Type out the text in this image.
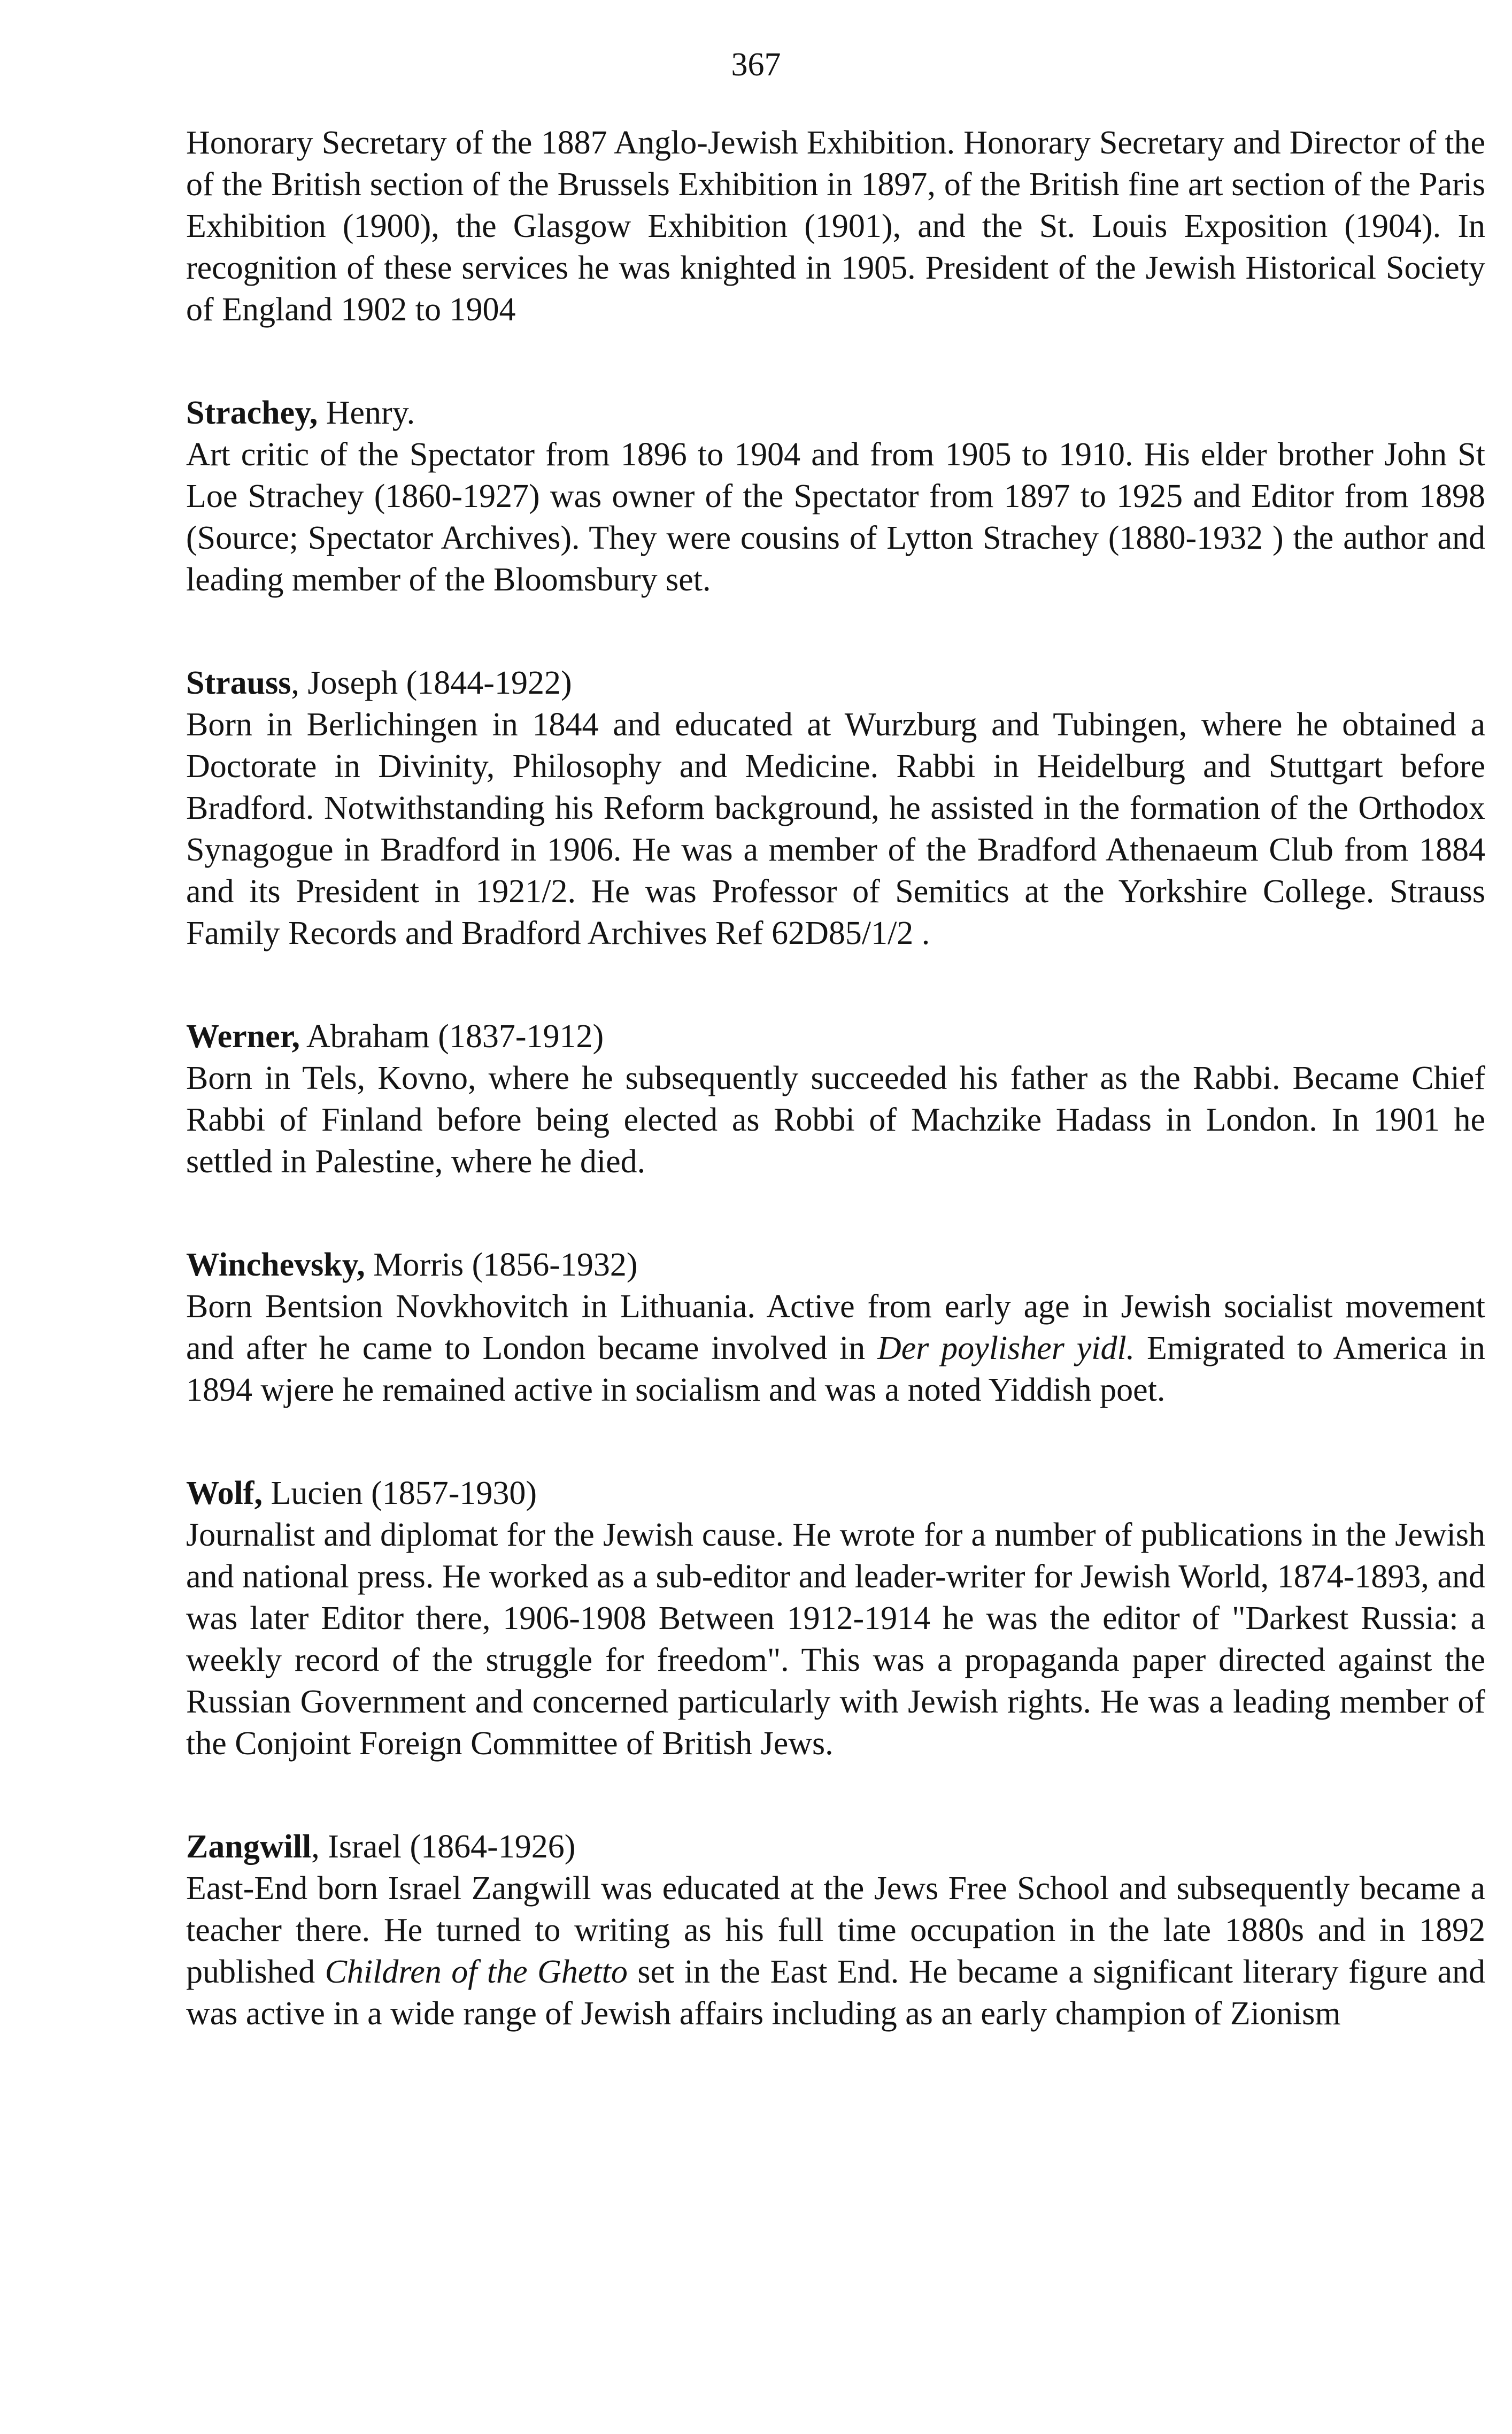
367

Honorary Secretary of the 1887 Anglo-Jewish Exhibition. Honorary Secretary and Director of the of the British section of the Brussels Exhibition in 1897, of the British fine art section of the Paris Exhibition (1900), the Glasgow Exhibition (1901), and the St. Louis Exposition (1904). In recognition of these services he was knighted in 1905. President of the Jewish Historical Society of England 1902 to 1904

Strachey, Henry.

Art critic of the Spectator from 1896 to 1904 and from 1905 to 1910. His elder brother John St Loe Strachey (1860-1927) was owner of the Spectator from 1897 to 1925 and Editor from 1898 (Source; Spectator Archives). They were cousins of Lytton Strachey (1880-1932 ) the author and leading member of the Bloomsbury set.

Strauss, Joseph (1844-1922)

Born in Berlichingen in 1844 and educated at Wurzburg and Tubingen, where he obtained a Doctorate in Divinity, Philosophy and Medicine. Rabbi in Heidelburg and Stuttgart before Bradford. Notwithstanding his Reform background, he assisted in the formation of the Orthodox Synagogue in Bradford in 1906. He was a member of the Bradford Athenaeum Club from 1884 and its President in 1921/2. He was Professor of Semitics at the Yorkshire College. Strauss Family Records and Bradford Archives Ref 62D85/1/2 .

Werner, Abraham (1837-1912)

Born in Tels, Kovno, where he subsequently succeeded his father as the Rabbi. Became Chief Rabbi of Finland before being elected as Robbi of Machzike Hadass in London. In 1901 he settled in Palestine, where he died.

Winchevsky, Morris (1856-1932)

Born Bentsion Novkhovitch in Lithuania. Active from early age in Jewish socialist movement and after he came to London became involved in Der poylisher yidl. Emigrated to America in 1894 wjere he remained active in socialism and was a noted Yiddish poet.

Wolf, Lucien (1857-1930)

Journalist and diplomat for the Jewish cause. He wrote for a number of publications in the Jewish and national press. He worked as a sub-editor and leader-writer for Jewish World, 1874-1893, and was later Editor there, 1906-1908 Between 1912-1914 he was the editor of "Darkest Russia: a weekly record of the struggle for freedom". This was a propaganda paper directed against the Russian Government and concerned particularly with Jewish rights. He was a leading member of the Conjoint Foreign Committee of British Jews.

Zangwill, Israel (1864-1926)

East-End born Israel Zangwill was educated at the Jews Free School and subsequently became a teacher there. He turned to writing as his full time occupation in the late 1880s and in 1892 published Children of the Ghetto set in the East End. He became a significant literary figure and was active in a wide range of Jewish affairs including as an early champion of Zionism
